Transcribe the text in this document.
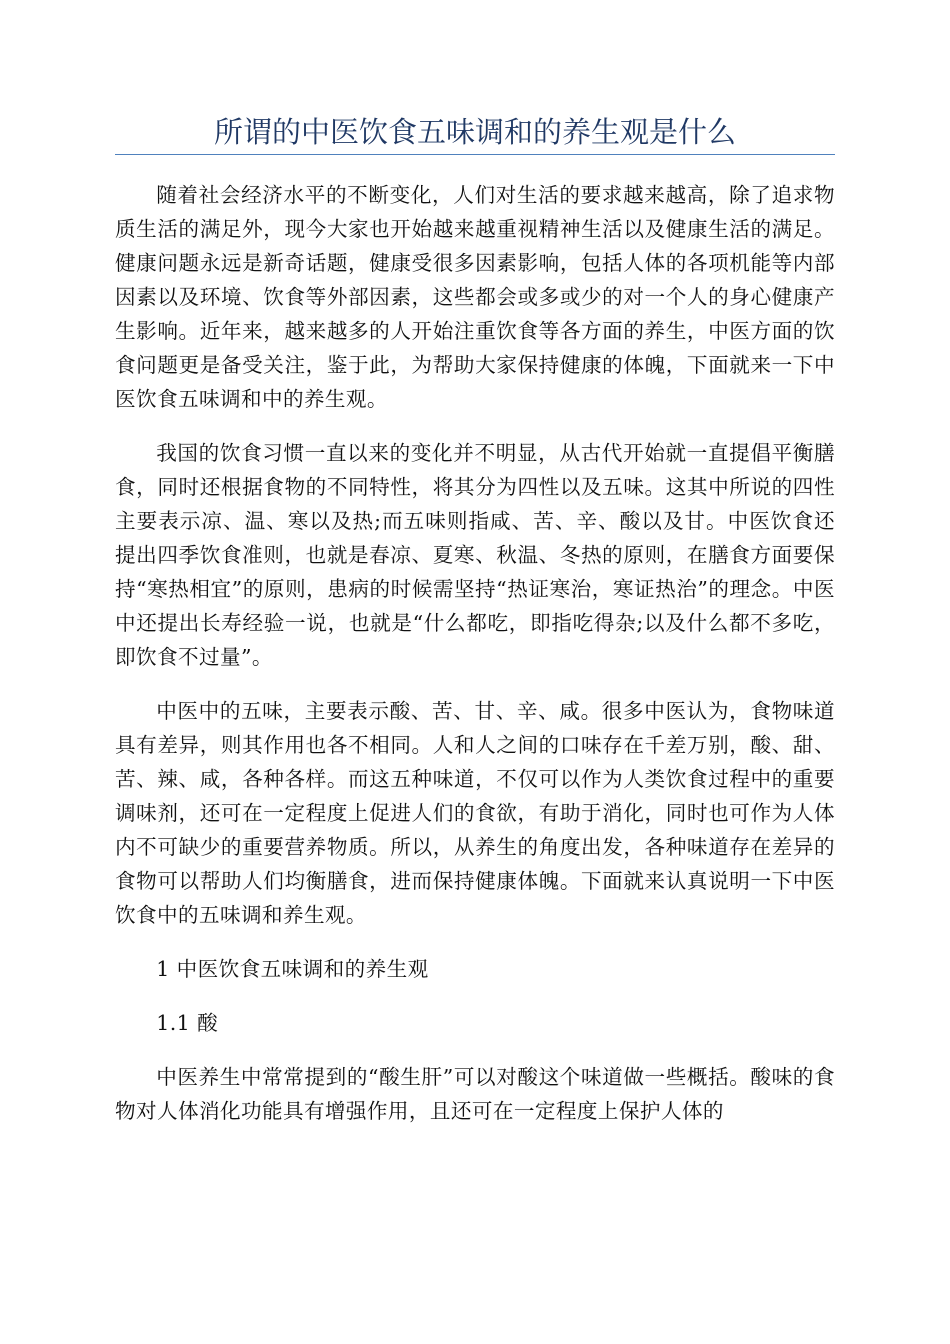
所谓的中医饮食五味调和的养生观是什么

随着社会经济水平的不断变化，人们对生活的要求越来越高，除了追求物质生活的满足外，现今大家也开始越来越重视精神生活以及健康生活的满足。健康问题永远是新奇话题，健康受很多因素影响，包括人体的各项机能等内部因素以及环境、饮食等外部因素，这些都会或多或少的对一个人的身心健康产生影响。近年来，越来越多的人开始注重饮食等各方面的养生，中医方面的饮食问题更是备受关注，鉴于此，为帮助大家保持健康的体魄，下面就来一下中医饮食五味调和中的养生观。

我国的饮食习惯一直以来的变化并不明显，从古代开始就一直提倡平衡膳食，同时还根据食物的不同特性，将其分为四性以及五味。这其中所说的四性主要表示凉、温、寒以及热;而五味则指咸、苦、辛、酸以及甘。中医饮食还提出四季饮食准则，也就是春凉、夏寒、秋温、冬热的原则，在膳食方面要保持“寒热相宜”的原则，患病的时候需坚持“热证寒治，寒证热治”的理念。中医中还提出长寿经验一说，也就是“什么都吃，即指吃得杂;以及什么都不多吃，即饮食不过量”。

中医中的五味，主要表示酸、苦、甘、辛、咸。很多中医认为，食物味道具有差异，则其作用也各不相同。人和人之间的口味存在千差万别，酸、甜、苦、辣、咸，各种各样。而这五种味道，不仅可以作为人类饮食过程中的重要调味剂，还可在一定程度上促进人们的食欲，有助于消化，同时也可作为人体内不可缺少的重要营养物质。所以，从养生的角度出发，各种味道存在差异的食物可以帮助人们均衡膳食，进而保持健康体魄。下面就来认真说明一下中医饮食中的五味调和养生观。

1 中医饮食五味调和的养生观

1.1 酸

中医养生中常常提到的“酸生肝”可以对酸这个味道做一些概括。酸味的食物对人体消化功能具有增强作用，且还可在一定程度上保护人体的
